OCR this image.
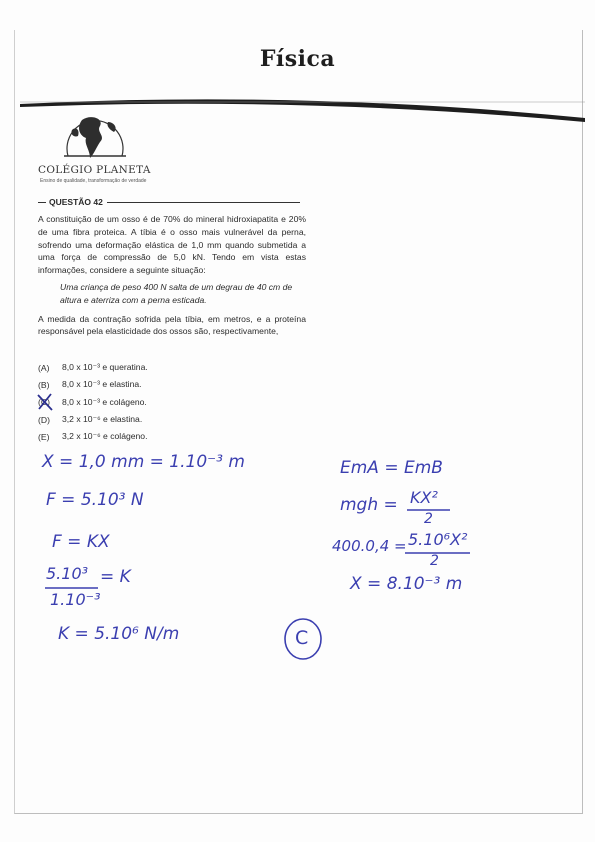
Física
COLÉGIO PLANETA
Ensino de qualidade, transformação de verdade
QUESTÃO 42

A constituição de um osso é de 70% do mineral hidroxiapatita e 20% de uma fibra proteica. A tíbia é o osso mais vulnerável da perna, sofrendo uma deformação elástica de 1,0 mm quando submetida a uma força de compressão de 5,0 kN. Tendo em vista estas informações, considere a seguinte situação:

Uma criança de peso 400 N salta de um degrau de 40 cm de altura e aterriza com a perna esticada.

A medida da contração sofrida pela tíbia, em metros, e a proteína responsável pela elasticidade dos ossos são, respectivamente,

(A)	8,0 x 10⁻³ e queratina.
(B)	8,0 x 10⁻³ e elastina.
(C)	8,0 x 10⁻³ e colágeno.
(D)	3,2 x 10⁻⁶ e elastina.
(E)	3,2 x 10⁻⁶ e colágeno.
X = 1,0 mm = 1.10⁻³ m
F = 5.10³ N
F = KX
5.10³
1.10⁻³
= K
K = 5.10⁶ N/m
EmA = EmB
mgh = KX²
2
400.0,4 = 5.10⁶X²
2
X = 8.10⁻³ m
C
